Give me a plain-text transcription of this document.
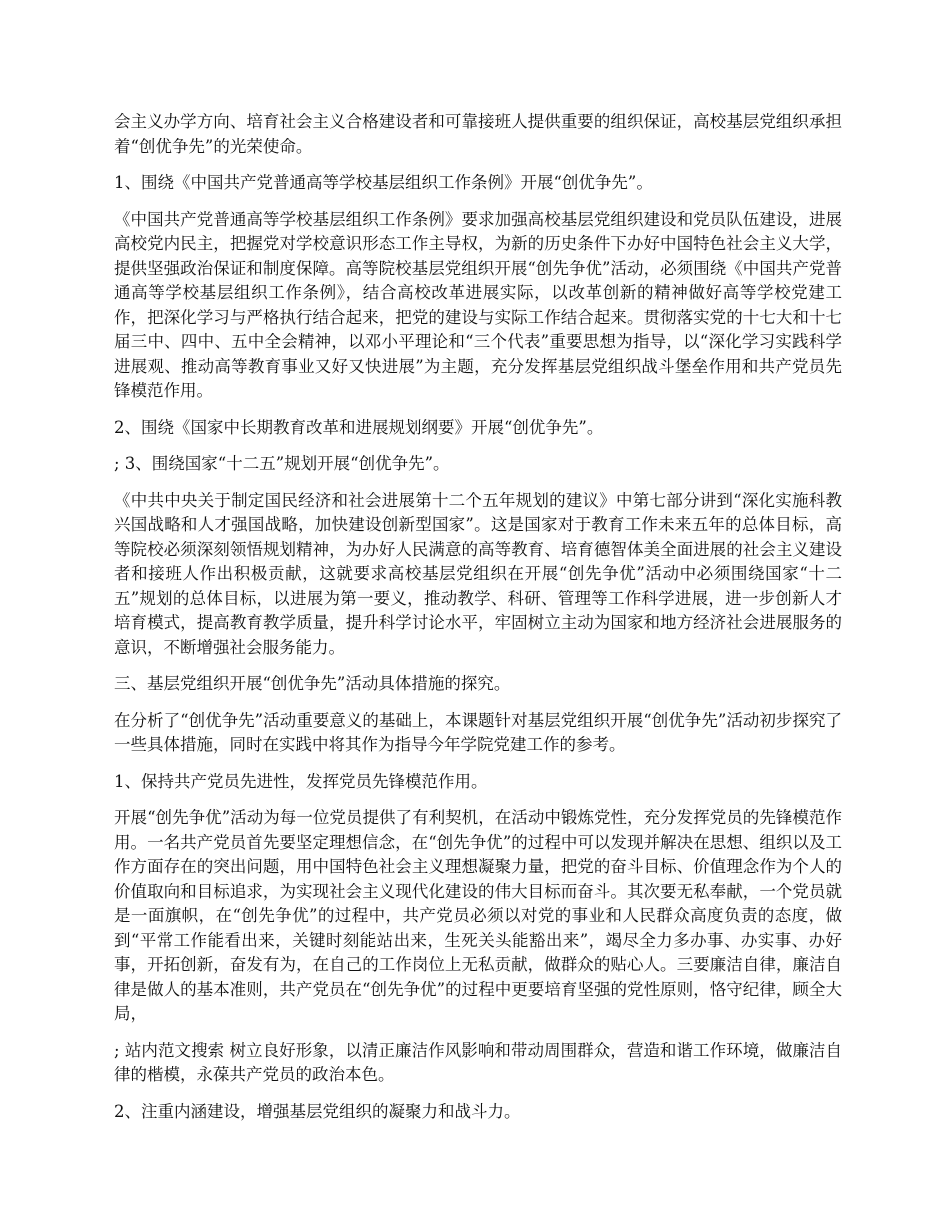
会主义办学方向、培育社会主义合格建设者和可靠接班人提供重要的组织保证，高校基层党组织承担着“创优争先”的光荣使命。

1、围绕《中国共产党普通高等学校基层组织工作条例》开展“创优争先”。

《中国共产党普通高等学校基层组织工作条例》要求加强高校基层党组织建设和党员队伍建设，进展高校党内民主，把握党对学校意识形态工作主导权，为新的历史条件下办好中国特色社会主义大学，提供坚强政治保证和制度保障。高等院校基层党组织开展“创先争优”活动，必须围绕《中国共产党普通高等学校基层组织工作条例》，结合高校改革进展实际，以改革创新的精神做好高等学校党建工作，把深化学习与严格执行结合起来，把党的建设与实际工作结合起来。贯彻落实党的十七大和十七届三中、四中、五中全会精神，以邓小平理论和“三个代表”重要思想为指导，以“深化学习实践科学进展观、推动高等教育事业又好又快进展”为主题，充分发挥基层党组织战斗堡垒作用和共产党员先锋模范作用。

2、围绕《国家中长期教育改革和进展规划纲要》开展“创优争先”。

; 3、围绕国家“十二五”规划开展“创优争先”。

《中共中央关于制定国民经济和社会进展第十二个五年规划的建议》中第七部分讲到“深化实施科教兴国战略和人才强国战略，加快建设创新型国家”。这是国家对于教育工作未来五年的总体目标，高等院校必须深刻领悟规划精神，为办好人民满意的高等教育、培育德智体美全面进展的社会主义建设者和接班人作出积极贡献，这就要求高校基层党组织在开展“创先争优”活动中必须围绕国家“十二五”规划的总体目标，以进展为第一要义，推动教学、科研、管理等工作科学进展，进一步创新人才培育模式，提高教育教学质量，提升科学讨论水平，牢固树立主动为国家和地方经济社会进展服务的意识，不断增强社会服务能力。

三、基层党组织开展“创优争先”活动具体措施的探究。

在分析了“创优争先”活动重要意义的基础上，本课题针对基层党组织开展“创优争先”活动初步探究了一些具体措施，同时在实践中将其作为指导今年学院党建工作的参考。

1、保持共产党员先进性，发挥党员先锋模范作用。

开展“创先争优”活动为每一位党员提供了有利契机，在活动中锻炼党性，充分发挥党员的先锋模范作用。一名共产党员首先要坚定理想信念，在“创先争优”的过程中可以发现并解决在思想、组织以及工作方面存在的突出问题，用中国特色社会主义理想凝聚力量，把党的奋斗目标、价值理念作为个人的价值取向和目标追求，为实现社会主义现代化建设的伟大目标而奋斗。其次要无私奉献，一个党员就是一面旗帜，在“创先争优”的过程中，共产党员必须以对党的事业和人民群众高度负责的态度，做到“平常工作能看出来，关键时刻能站出来，生死关头能豁出来”，竭尽全力多办事、办实事、办好事，开拓创新，奋发有为，在自己的工作岗位上无私贡献，做群众的贴心人。三要廉洁自律，廉洁自律是做人的基本准则，共产党员在“创先争优”的过程中更要培育坚强的党性原则，恪守纪律，顾全大局，

; 站内范文搜索 树立良好形象，以清正廉洁作风影响和带动周围群众，营造和谐工作环境，做廉洁自律的楷模，永葆共产党员的政治本色。

2、注重内涵建设，增强基层党组织的凝聚力和战斗力。
